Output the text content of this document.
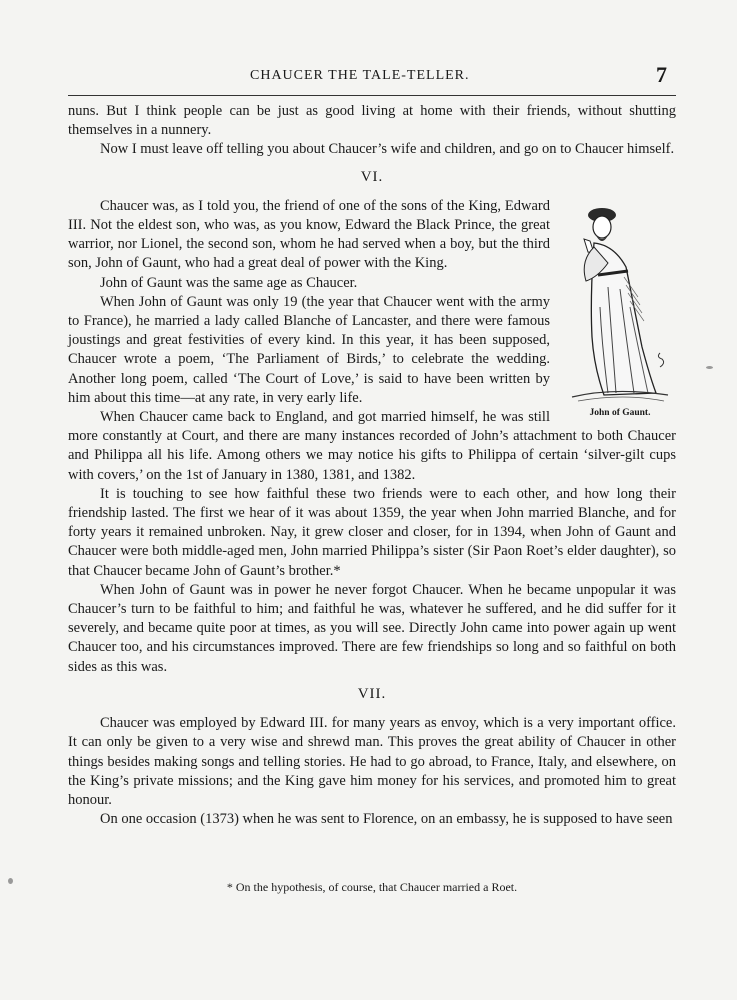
CHAUCER THE TALE-TELLER.	7

nuns. But I think people can be just as good living at home with their friends, without shutting themselves in a nunnery.

Now I must leave off telling you about Chaucer’s wife and children, and go on to Chaucer himself.

VI.

John of Gaunt.

Chaucer was, as I told you, the friend of one of the sons of the King, Edward III. Not the eldest son, who was, as you know, Edward the Black Prince, the great warrior, nor Lionel, the second son, whom he had served when a boy, but the third son, John of Gaunt, who had a great deal of power with the King.

John of Gaunt was the same age as Chaucer.

When John of Gaunt was only 19 (the year that Chaucer went with the army to France), he married a lady called Blanche of Lancaster, and there were famous joustings and great festivities of every kind. In this year, it has been supposed, Chaucer wrote a poem, ‘The Parliament of Birds,’ to celebrate the wedding. Another long poem, called ‘The Court of Love,’ is said to have been written by him about this time—at any rate, in very early life.

When Chaucer came back to England, and got married himself, he was still more constantly at Court, and there are many instances recorded of John’s attachment to both Chaucer and Philippa all his life. Among others we may notice his gifts to Philippa of certain ‘silver-gilt cups with covers,’ on the 1st of January in 1380, 1381, and 1382.

It is touching to see how faithful these two friends were to each other, and how long their friendship lasted. The first we hear of it was about 1359, the year when John married Blanche, and for forty years it remained unbroken. Nay, it grew closer and closer, for in 1394, when John of Gaunt and Chaucer were both middle-aged men, John married Philippa’s sister (Sir Paon Roet’s elder daughter), so that Chaucer became John of Gaunt’s brother.*

When John of Gaunt was in power he never forgot Chaucer. When he became unpopular it was Chaucer’s turn to be faithful to him; and faithful he was, whatever he suffered, and he did suffer for it severely, and became quite poor at times, as you will see. Directly John came into power again up went Chaucer too, and his circumstances improved. There are few friendships so long and so faithful on both sides as this was.

VII.

Chaucer was employed by Edward III. for many years as envoy, which is a very important office. It can only be given to a very wise and shrewd man. This proves the great ability of Chaucer in other things besides making songs and telling stories. He had to go abroad, to France, Italy, and elsewhere, on the King’s private missions; and the King gave him money for his services, and promoted him to great honour.

On one occasion (1373) when he was sent to Florence, on an embassy, he is supposed to have seen

* On the hypothesis, of course, that Chaucer married a Roet.
